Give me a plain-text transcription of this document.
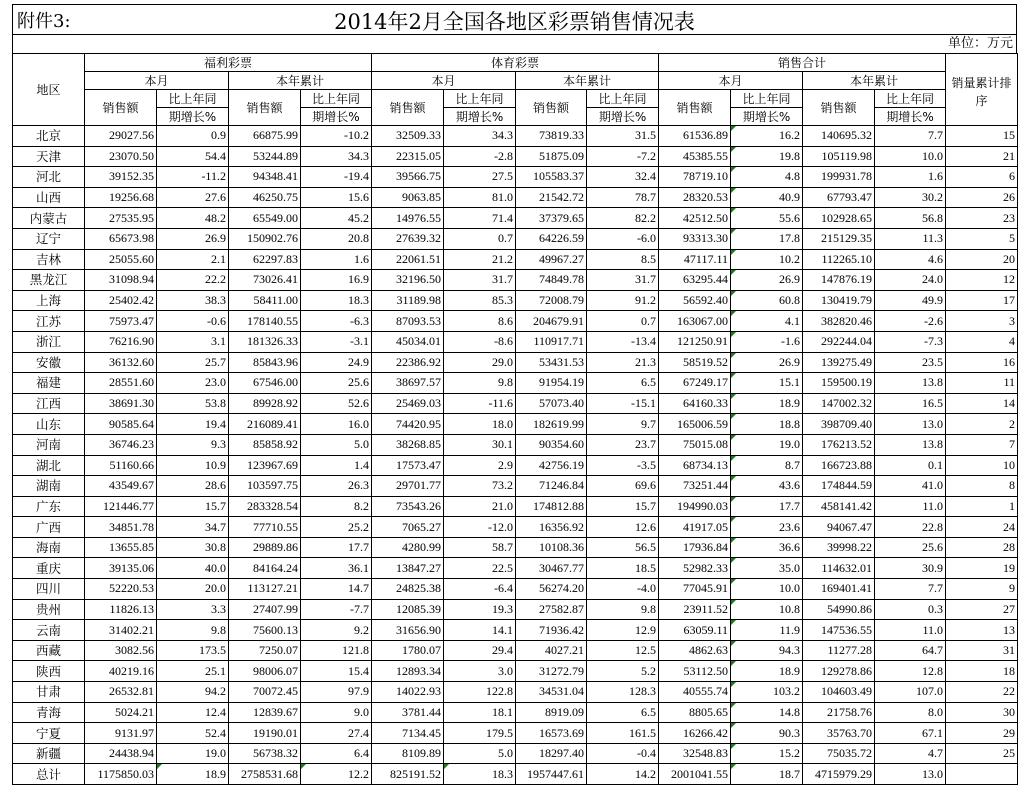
附件3:	2014年2月全国各地区彩票销售情况表
单位：万元
地区	福利彩票				体育彩票				销售合计				销量累计排序
	本月		本年累计		本月		本年累计		本月		本年累计		
	销售额	比上年同	销售额	比上年同	销售额	比上年同	销售额	比上年同	销售额	比上年同	销售额	比上年同	
		期增长%		期增长%		期增长%		期增长%		期增长%		期增长%	
北京	29027.56	0.9	66875.99	-10.2	32509.33	34.3	73819.33	31.5	61536.89	16.2	140695.32	7.7	15
天津	23070.50	54.4	53244.89	34.3	22315.05	-2.8	51875.09	-7.2	45385.55	19.8	105119.98	10.0	21
河北	39152.35	-11.2	94348.41	-19.4	39566.75	27.5	105583.37	32.4	78719.10	4.8	199931.78	1.6	6
山西	19256.68	27.6	46250.75	15.6	9063.85	81.0	21542.72	78.7	28320.53	40.9	67793.47	30.2	26
内蒙古	27535.95	48.2	65549.00	45.2	14976.55	71.4	37379.65	82.2	42512.50	55.6	102928.65	56.8	23
辽宁	65673.98	26.9	150902.76	20.8	27639.32	0.7	64226.59	-6.0	93313.30	17.8	215129.35	11.3	5
吉林	25055.60	2.1	62297.83	1.6	22061.51	21.2	49967.27	8.5	47117.11	10.2	112265.10	4.6	20
黑龙江	31098.94	22.2	73026.41	16.9	32196.50	31.7	74849.78	31.7	63295.44	26.9	147876.19	24.0	12
上海	25402.42	38.3	58411.00	18.3	31189.98	85.3	72008.79	91.2	56592.40	60.8	130419.79	49.9	17
江苏	75973.47	-0.6	178140.55	-6.3	87093.53	8.6	204679.91	0.7	163067.00	4.1	382820.46	-2.6	3
浙江	76216.90	3.1	181326.33	-3.1	45034.01	-8.6	110917.71	-13.4	121250.91	-1.6	292244.04	-7.3	4
安徽	36132.60	25.7	85843.96	24.9	22386.92	29.0	53431.53	21.3	58519.52	26.9	139275.49	23.5	16
福建	28551.60	23.0	67546.00	25.6	38697.57	9.8	91954.19	6.5	67249.17	15.1	159500.19	13.8	11
江西	38691.30	53.8	89928.92	52.6	25469.03	-11.6	57073.40	-15.1	64160.33	18.9	147002.32	16.5	14
山东	90585.64	19.4	216089.41	16.0	74420.95	18.0	182619.99	9.7	165006.59	18.8	398709.40	13.0	2
河南	36746.23	9.3	85858.92	5.0	38268.85	30.1	90354.60	23.7	75015.08	19.0	176213.52	13.8	7
湖北	51160.66	10.9	123967.69	1.4	17573.47	2.9	42756.19	-3.5	68734.13	8.7	166723.88	0.1	10
湖南	43549.67	28.6	103597.75	26.3	29701.77	73.2	71246.84	69.6	73251.44	43.6	174844.59	41.0	8
广东	121446.77	15.7	283328.54	8.2	73543.26	21.0	174812.88	15.7	194990.03	17.7	458141.42	11.0	1
广西	34851.78	34.7	77710.55	25.2	7065.27	-12.0	16356.92	12.6	41917.05	23.6	94067.47	22.8	24
海南	13655.85	30.8	29889.86	17.7	4280.99	58.7	10108.36	56.5	17936.84	36.6	39998.22	25.6	28
重庆	39135.06	40.0	84164.24	36.1	13847.27	22.5	30467.77	18.5	52982.33	35.0	114632.01	30.9	19
四川	52220.53	20.0	113127.21	14.7	24825.38	-6.4	56274.20	-4.0	77045.91	10.0	169401.41	7.7	9
贵州	11826.13	3.3	27407.99	-7.7	12085.39	19.3	27582.87	9.8	23911.52	10.8	54990.86	0.3	27
云南	31402.21	9.8	75600.13	9.2	31656.90	14.1	71936.42	12.9	63059.11	11.9	147536.55	11.0	13
西藏	3082.56	173.5	7250.07	121.8	1780.07	29.4	4027.21	12.5	4862.63	94.3	11277.28	64.7	31
陕西	40219.16	25.1	98006.07	15.4	12893.34	3.0	31272.79	5.2	53112.50	18.9	129278.86	12.8	18
甘肃	26532.81	94.2	70072.45	97.9	14022.93	122.8	34531.04	128.3	40555.74	103.2	104603.49	107.0	22
青海	5024.21	12.4	12839.67	9.0	3781.44	18.1	8919.09	6.5	8805.65	14.8	21758.76	8.0	30
宁夏	9131.97	52.4	19190.01	27.4	7134.45	179.5	16573.69	161.5	16266.42	90.3	35763.70	67.1	29
新疆	24438.94	19.0	56738.32	6.4	8109.89	5.0	18297.40	-0.4	32548.83	15.2	75035.72	4.7	25
总计	1175850.03	18.9	2758531.68	12.2	825191.52	18.3	1957447.61	14.2	2001041.55	18.7	4715979.29	13.0	
